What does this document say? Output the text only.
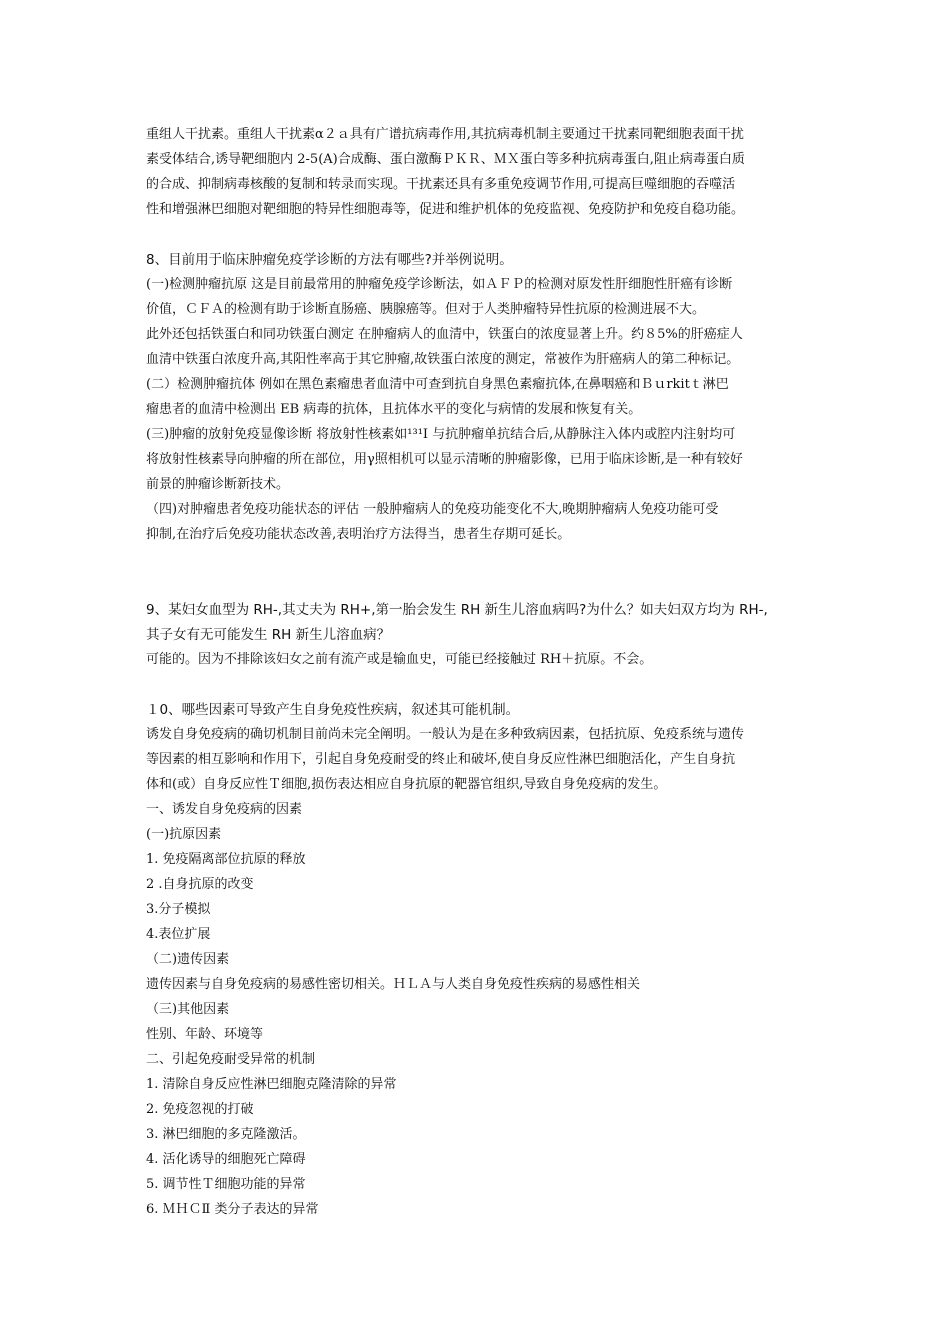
重组人干扰素。重组人干扰素α２ａ具有广谱抗病毒作用,其抗病毒机制主要通过干扰素同靶细胞表面干扰
素受体结合,诱导靶细胞内 2-5(A)合成酶、蛋白激酶ＰＫＲ、ＭＸ蛋白等多种抗病毒蛋白,阻止病毒蛋白质
的合成、抑制病毒核酸的复制和转录而实现。干扰素还具有多重免疫调节作用,可提高巨噬细胞的吞噬活
性和增强淋巴细胞对靶细胞的特异性细胞毒等，促进和维护机体的免疫监视、免疫防护和免疫自稳功能。
8、目前用于临床肿瘤免疫学诊断的方法有哪些?并举例说明。
(一)检测肿瘤抗原 这是目前最常用的肿瘤免疫学诊断法，如ＡＦＰ的检测对原发性肝细胞性肝癌有诊断
价值，ＣＦＡ的检测有助于诊断直肠癌、胰腺癌等。但对于人类肿瘤特异性抗原的检测进展不大。
此外还包括铁蛋白和同功铁蛋白测定 在肿瘤病人的血清中，铁蛋白的浓度显著上升。约８5%的肝癌症人
血清中铁蛋白浓度升高,其阳性率高于其它肿瘤,故铁蛋白浓度的测定，常被作为肝癌病人的第二种标记。
(二）检测肿瘤抗体 例如在黑色素瘤患者血清中可查到抗自身黑色素瘤抗体,在鼻咽癌和Ｂｕrkitｔ淋巴
瘤患者的血清中检测出 EB 病毒的抗体，且抗体水平的变化与病情的发展和恢复有关。
(三)肿瘤的放射免疫显像诊断 将放射性核素如¹³¹I 与抗肿瘤单抗结合后,从静脉注入体内或腔内注射均可
将放射性核素导向肿瘤的所在部位，用γ照相机可以显示清晰的肿瘤影像，已用于临床诊断,是一种有较好
前景的肿瘤诊断新技术。
（四)对肿瘤患者免疫功能状态的评估 一般肿瘤病人的免疫功能变化不大,晚期肿瘤病人免疫功能可受
抑制,在治疗后免疫功能状态改善,表明治疗方法得当，患者生存期可延长。
9、某妇女血型为 RH-,其丈夫为 RH+,第一胎会发生 RH 新生儿溶血病吗?为什么？如夫妇双方均为 RH-,
其子女有无可能发生 RH 新生儿溶血病？
可能的。因为不排除该妇女之前有流产或是输血史，可能已经接触过 RH＋抗原。不会。
１0、哪些因素可导致产生自身免疫性疾病，叙述其可能机制。
诱发自身免疫病的确切机制目前尚未完全阐明。一般认为是在多种致病因素，包括抗原、免疫系统与遗传
等因素的相互影响和作用下，引起自身免疫耐受的终止和破坏,使自身反应性淋巴细胞活化，产生自身抗
体和(或）自身反应性Ｔ细胞,损伤表达相应自身抗原的靶器官组织,导致自身免疫病的发生。
一、诱发自身免疫病的因素
(一)抗原因素
1. 免疫隔离部位抗原的释放
2 .自身抗原的改变
3.分子模拟
4.表位扩展
（二)遗传因素
遗传因素与自身免疫病的易感性密切相关。ＨＬＡ与人类自身免疫性疾病的易感性相关
（三)其他因素
性别、年龄、环境等
二、引起免疫耐受异常的机制
1. 清除自身反应性淋巴细胞克隆清除的异常
2. 免疫忽视的打破
3. 淋巴细胞的多克隆激活。
4. 活化诱导的细胞死亡障碍
5. 调节性Ｔ细胞功能的异常
6. ＭＨＣⅡ 类分子表达的异常
